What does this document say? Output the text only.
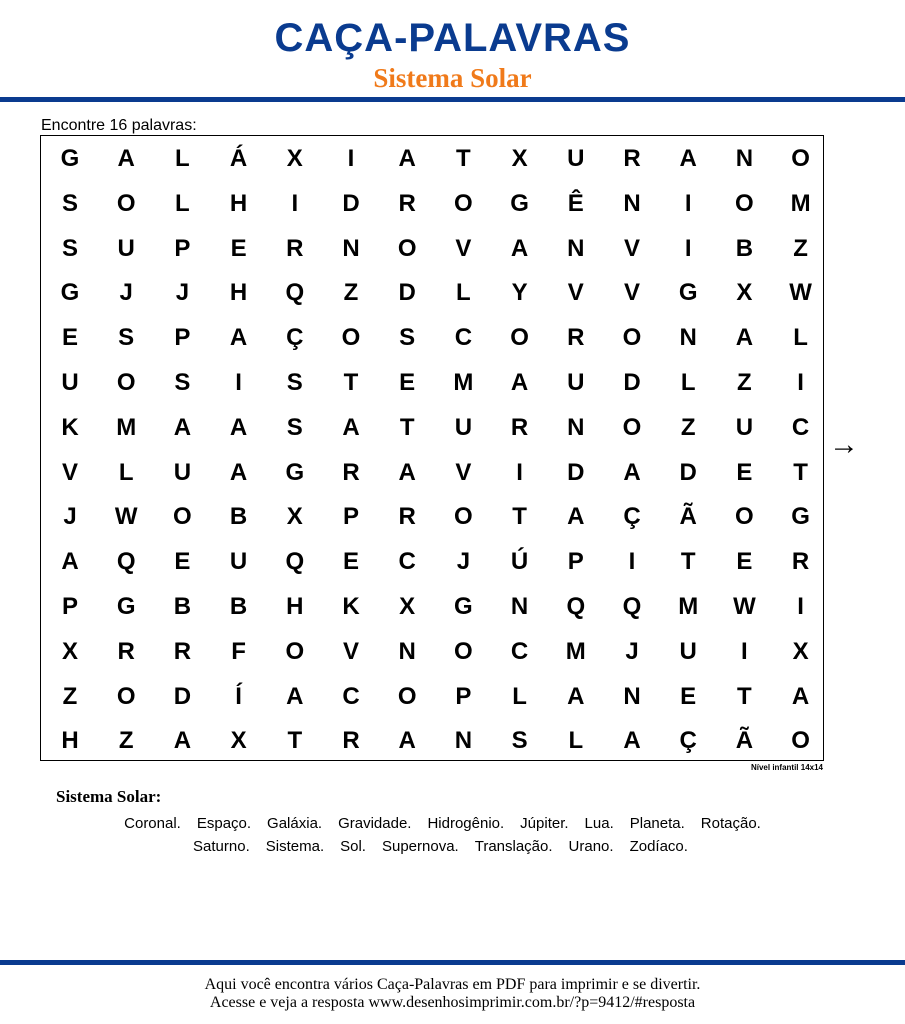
CAÇA-PALAVRAS
Sistema Solar
Encontre 16 palavras:
G	A	L	Á	X	I	A	T	X	U	R	A	N	O
S	O	L	H	I	D	R	O	G	Ê	N	I	O	M
S	U	P	E	R	N	O	V	A	N	V	I	B	Z
G	J	J	H	Q	Z	D	L	Y	V	V	G	X	W
E	S	P	A	Ç	O	S	C	O	R	O	N	A	L
U	O	S	I	S	T	E	M	A	U	D	L	Z	I
K	M	A	A	S	A	T	U	R	N	O	Z	U	C
V	L	U	A	G	R	A	V	I	D	A	D	E	T
J	W	O	B	X	P	R	O	T	A	Ç	Ã	O	G
A	Q	E	U	Q	E	C	J	Ú	P	I	T	E	R
P	G	B	B	H	K	X	G	N	Q	Q	M	W	I
X	R	R	F	O	V	N	O	C	M	J	U	I	X
Z	O	D	Í	A	C	O	P	L	A	N	E	T	A
H	Z	A	X	T	R	A	N	S	L	A	Ç	Ã	O
Nível infantil 14x14
→
Sistema Solar:
Coronal. Espaço. Galáxia. Gravidade. Hidrogênio. Júpiter. Lua. Planeta. Rotação.
Saturno. Sistema. Sol. Supernova. Translação. Urano. Zodíaco.
Aqui você encontra vários Caça-Palavras em PDF para imprimir e se divertir.
Acesse e veja a resposta www.desenhosimprimir.com.br/?p=9412/#resposta
